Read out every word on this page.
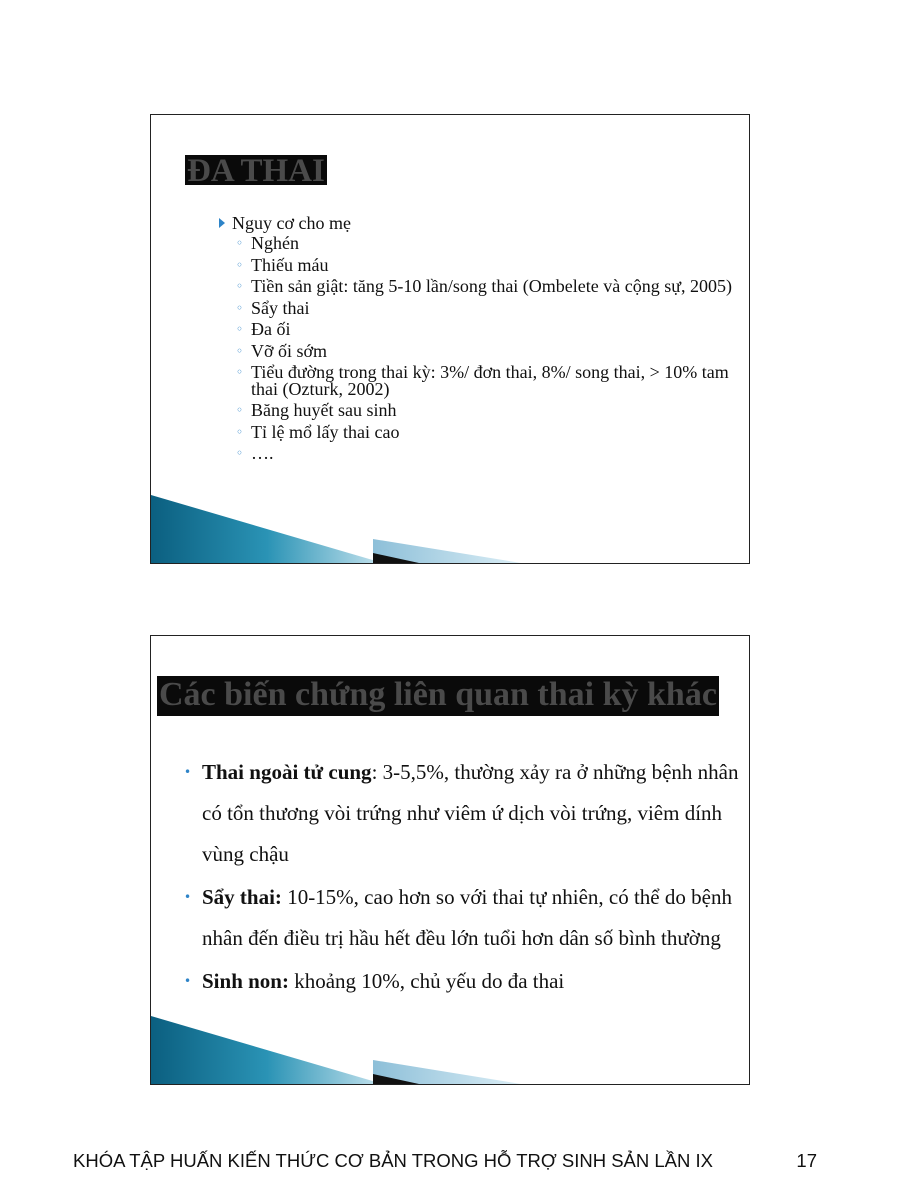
ĐA THAI
Nguy cơ cho mẹ
◦ Nghén
◦ Thiếu máu
◦ Tiền sản giật: tăng 5-10 lần/song thai (Ombelete và cộng sự, 2005)
◦ Sẩy thai
◦ Đa ối
◦ Vỡ ối sớm
◦ Tiểu đường trong thai kỳ: 3%/ đơn thai, 8%/ song thai, > 10% tam thai (Ozturk, 2002)
◦ Băng huyết sau sinh
◦ Tỉ lệ mổ lấy thai cao
◦ ….
Các biến chứng liên quan thai kỳ khác
• Thai ngoài tử cung: 3-5,5%, thường xảy ra ở những bệnh nhân có tổn thương vòi trứng như viêm ứ dịch vòi trứng, viêm dính vùng chậu
• Sẩy thai: 10-15%, cao hơn so với thai tự nhiên, có thể do bệnh nhân đến điều trị hầu hết đều lớn tuổi hơn dân số bình thường
• Sinh non: khoảng 10%, chủ yếu do đa thai
KHÓA TẬP HUẤN KIẾN THỨC CƠ BẢN TRONG HỖ TRỢ SINH SẢN LẦN IX	17
